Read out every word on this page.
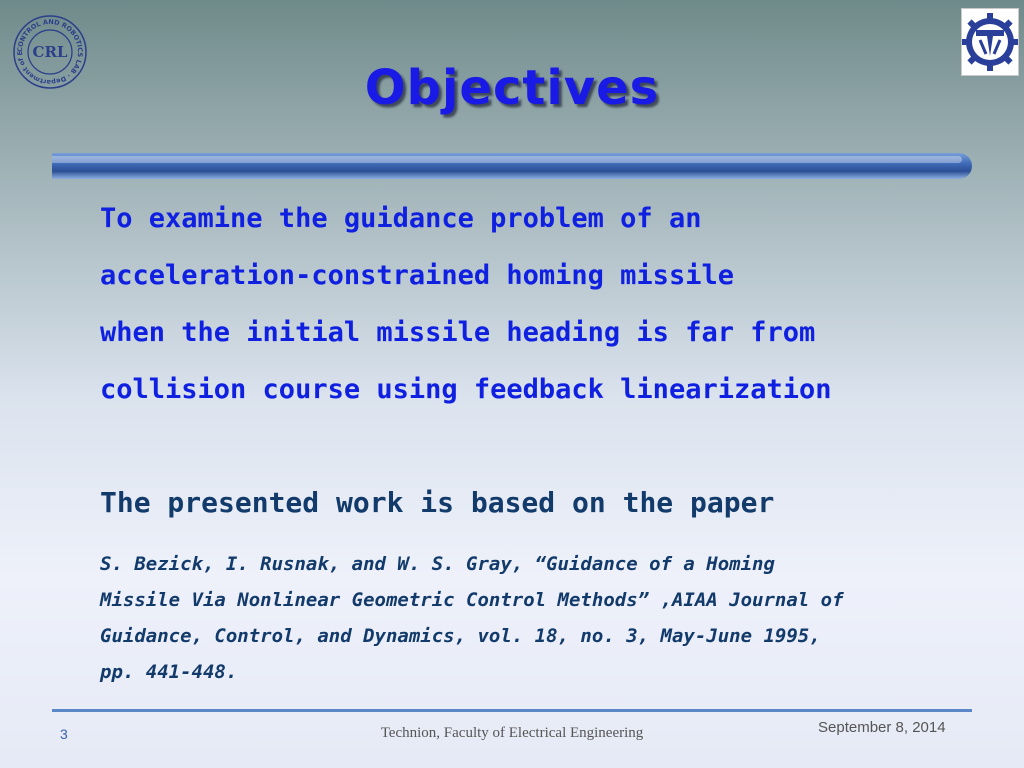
CONTROL AND ROBOTICS LAB · Department of E CRL
Objectives
To examine the guidance problem of an
acceleration-constrained homing missile
when the initial missile heading is far from
collision course using feedback linearization
The presented work is based on the paper
S. Bezick, I. Rusnak, and W. S. Gray, “Guidance of a Homing
Missile Via Nonlinear Geometric Control Methods” ,AIAA Journal of
Guidance, Control, and Dynamics, vol. 18, no. 3, May-June 1995,
pp. 441-448.
3	Technion, Faculty of Electrical Engineering	September 8, 2014
